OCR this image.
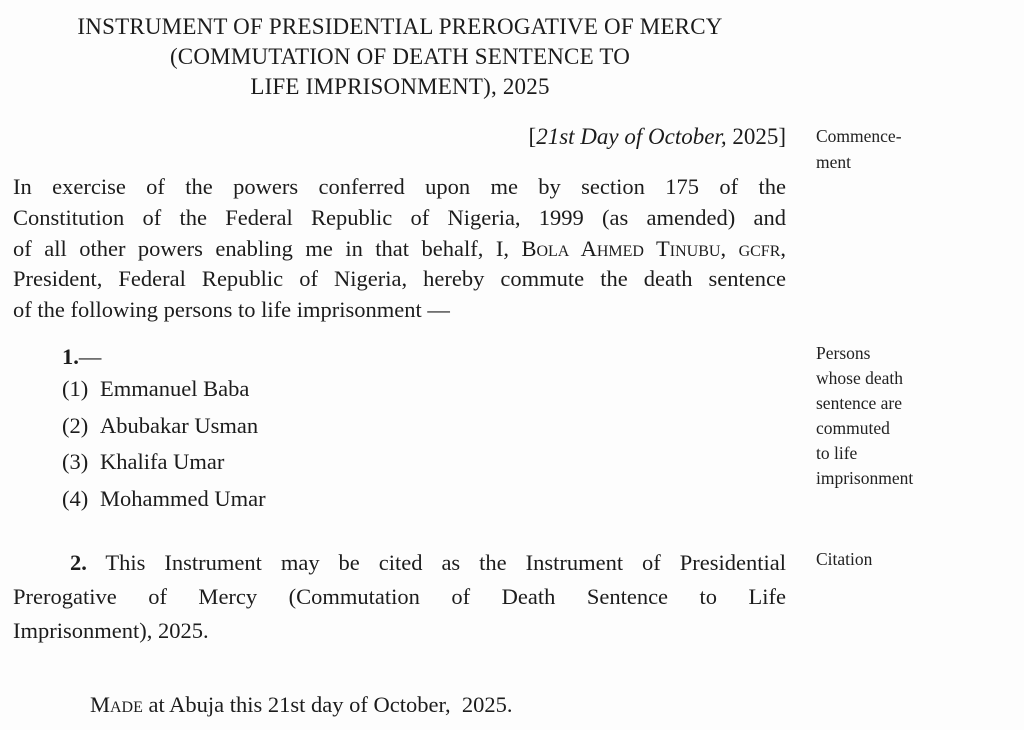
INSTRUMENT OF PRESIDENTIAL PREROGATIVE OF MERCY
(COMMUTATION OF DEATH SENTENCE TO
LIFE IMPRISONMENT), 2025
[21st Day of October, 2025] Commence-
ment
In exercise of the powers conferred upon me by section 175 of the
Constitution of the Federal Republic of Nigeria, 1999 (as amended) and
of all other powers enabling me in that behalf, I, Bola Ahmed Tinubu, gcfr,
President, Federal Republic of Nigeria, hereby commute the death sentence
of the following persons to life imprisonment —
1.—
(1) Emmanuel Baba
(2) Abubakar Usman
(3) Khalifa Umar
(4) Mohammed Umar
Persons
whose death
sentence are
commuted
to life
imprisonment
2. This Instrument may be cited as the Instrument of Presidential
Prerogative of Mercy (Commutation of Death Sentence to Life
Imprisonment), 2025.
Citation
Made at Abuja this 21st day of October,  2025.
